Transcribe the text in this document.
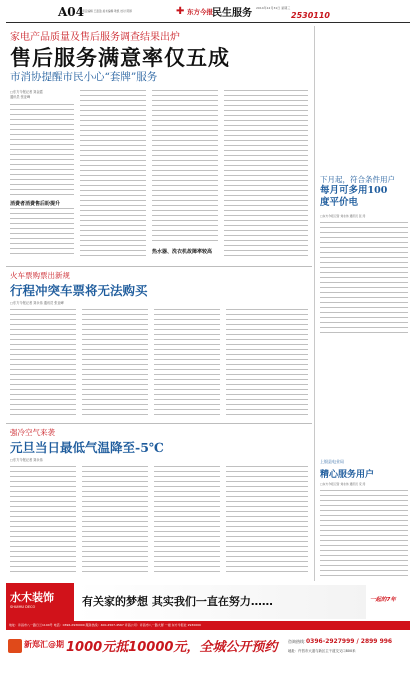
A04
责任编辑 王盈盈 美术编辑 耿凯 校对 陈婷	✚ 东方今报 民生服务 2014年12月31日 星期三
2530110
家电产品质量及售后服务调查结果出炉
售后服务满意率仅五成
市消协提醒市民小心“套牌”服务
□东方今报记者 刘金霞
通讯员 张亚峰
消费者消费售后盼提升
热水器、洗衣机故障率较高
下月起，符合条件用户
每月可多用100度平价电
□东方今报记者 刘永伟 通讯员 张 涛
火车票购票出新规
行程冲突车票将无法购买
□东方今报记者 刘永伟 通讯员 张亚峰
强冷空气来袭
元旦当日最低气温降至-5℃
□东方今报记者 刘永伟	上银县电业局
精心服务用户
□东方今报记者 刘永伟 通讯员 宋 涛
水木装饰
SHUIMU DECO	有关家的梦想 其实我们一直在努力……	一起的7年
地址：许昌市八一路日兰1104号 电话：0396-2930000 服务热线：400-4567-4567 许昌公司：许昌市八一路大厦 一楼 东方今报社 2930000
新郑汇@期 1000元抵10000元，全城公开预约	咨询热线：
0396-2927999 / 2899 996
地址：许昌市大道与新区主干道交叉口800米
